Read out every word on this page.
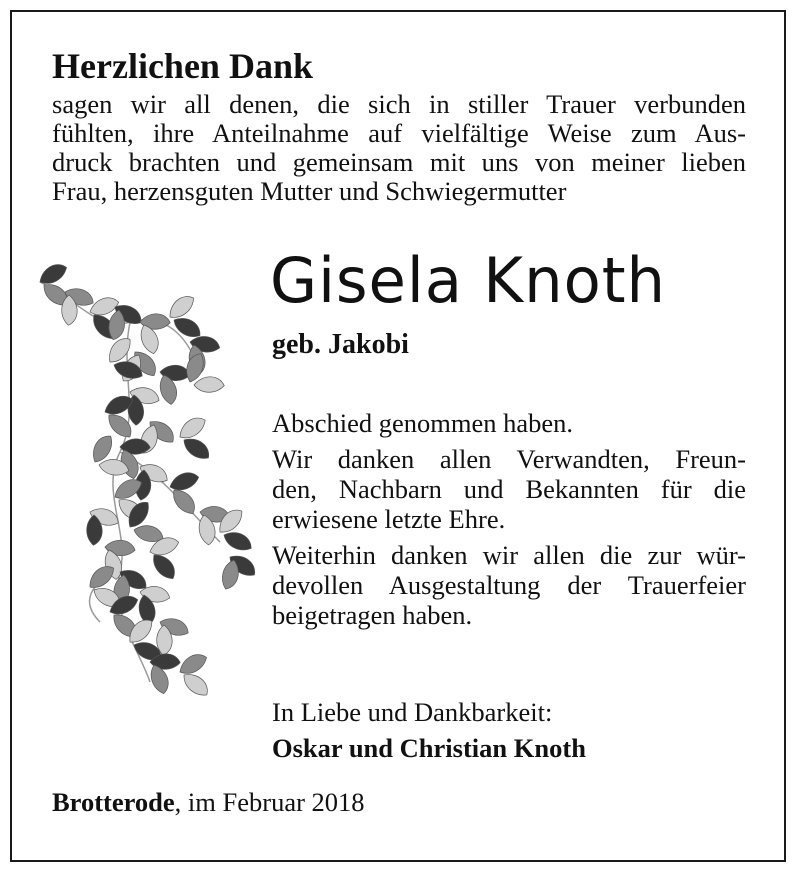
Herzlichen Dank

sagen wir all denen, die sich in stiller Trauer verbunden
fühlten, ihre Anteilnahme auf vielfältige Weise zum Aus-
druck brachten und gemeinsam mit uns von meiner lieben
Frau, herzensguten Mutter und Schwiegermutter

Gisela Knoth

geb. Jakobi

Abschied genommen haben.

Wir danken allen Verwandten, Freun-
den, Nachbarn und Bekannten für die
erwiesene letzte Ehre.

Weiterhin danken wir allen die zur wür-
devollen Ausgestaltung der Trauerfeier
beigetragen haben.

In Liebe und Dankbarkeit:

Oskar und Christian Knoth

Brotterode, im Februar 2018
